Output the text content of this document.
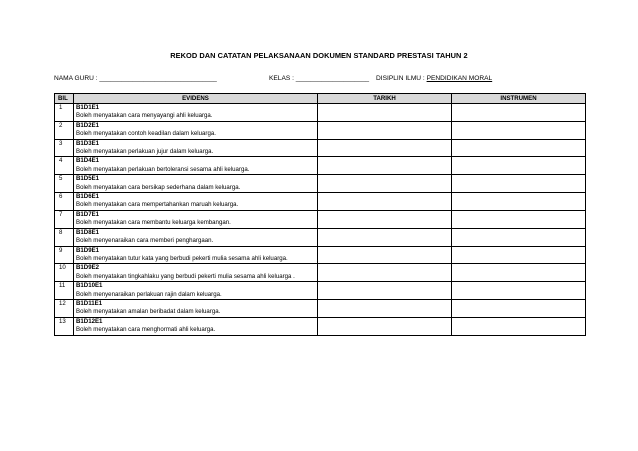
REKOD DAN CATATAN PELAKSANAAN DOKUMEN STANDARD PRESTASI TAHUN 2
NAMA GURU : ________________________________	KELAS : ____________________ DISIPLIN ILMU : PENDIDIKAN MORAL
BIL	EVIDENS	TARIKH	INSTRUMEN
1	B1D1E1
Boleh menyatakan cara menyayangi ahli keluarga.		

2	B1D2E1
Boleh menyatakan contoh keadilan dalam keluarga.		

3	B1D3E1
Boleh menyatakan perlakuan jujur dalam keluarga.		

4	B1D4E1
Boleh menyatakan perlakuan bertoleransi sesama ahli keluarga.		

5	B1D5E1
Boleh menyatakan cara bersikap sederhana dalam keluarga.		

6	B1D6E1
Boleh menyatakan cara mempertahankan maruah keluarga.		

7	B1D7E1
Boleh menyatakan cara membantu keluarga kembangan.		

8	B1D8E1
Boleh menyenaraikan cara memberi penghargaan.		

9	B1D9E1
Boleh menyatakan tutur kata yang berbudi pekerti mulia sesama ahli keluarga.		

10	B1D9E2
Boleh menyatakan tingkahlaku yang berbudi pekerti mulia sesama ahli keluarga .		

11	B1D10E1
Boleh menyenaraikan perlakuan rajin dalam keluarga.		

12	B1D11E1
Boleh menyatakan amalan beribadat dalam keluarga.		

13	B1D12E1
Boleh menyatakan cara menghormati ahli keluarga.		
